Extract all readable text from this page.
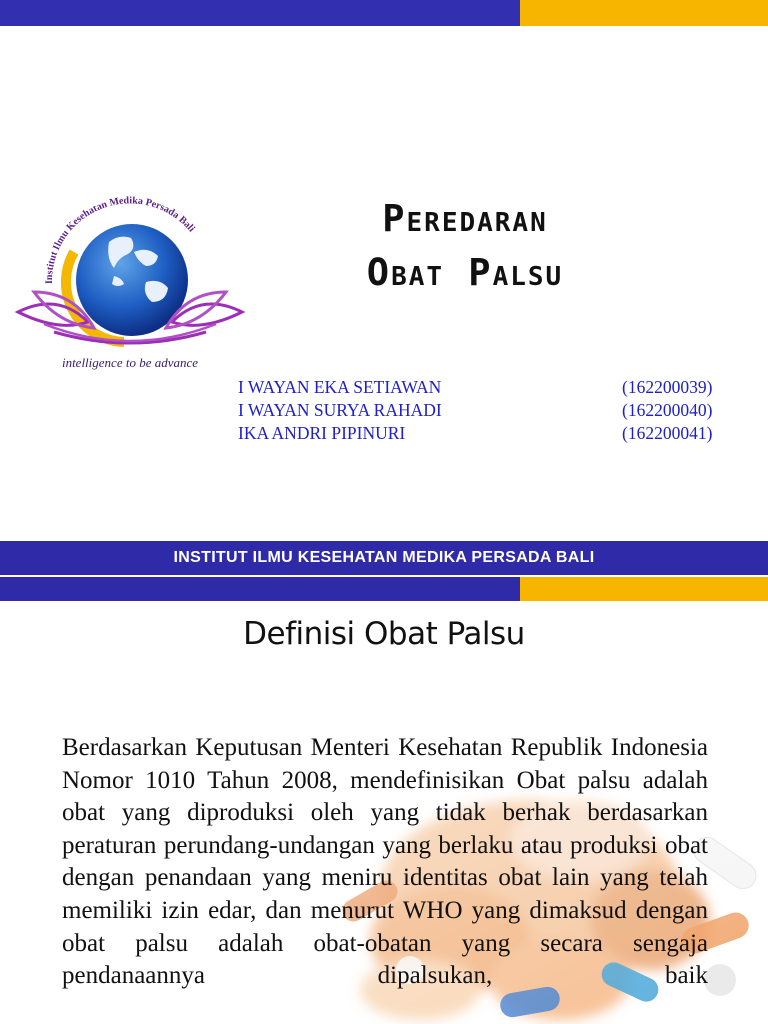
Institut Ilmu Kesehatan Medika Persada Bali
intelligence to be advance
Peredaran
Obat Palsu
I WAYAN EKA SETIAWAN	(162200039)
I WAYAN SURYA RAHADI	(162200040)
IKA ANDRI PIPINURI	(162200041)
INSTITUT ILMU KESEHATAN MEDIKA PERSADA BALI
Definisi Obat Palsu
Berdasarkan Keputusan Menteri Kesehatan Republik Indonesia Nomor 1010 Tahun 2008, mendefinisikan Obat palsu adalah obat yang diproduksi oleh yang tidak berhak berdasarkan peraturan perundang-undangan yang berlaku atau produksi obat dengan penandaan yang meniru identitas obat lain yang telah memiliki izin edar, dan menurut WHO yang dimaksud dengan obat palsu adalah obat-obatan yang secara sengaja pendanaannya dipalsukan, baik
